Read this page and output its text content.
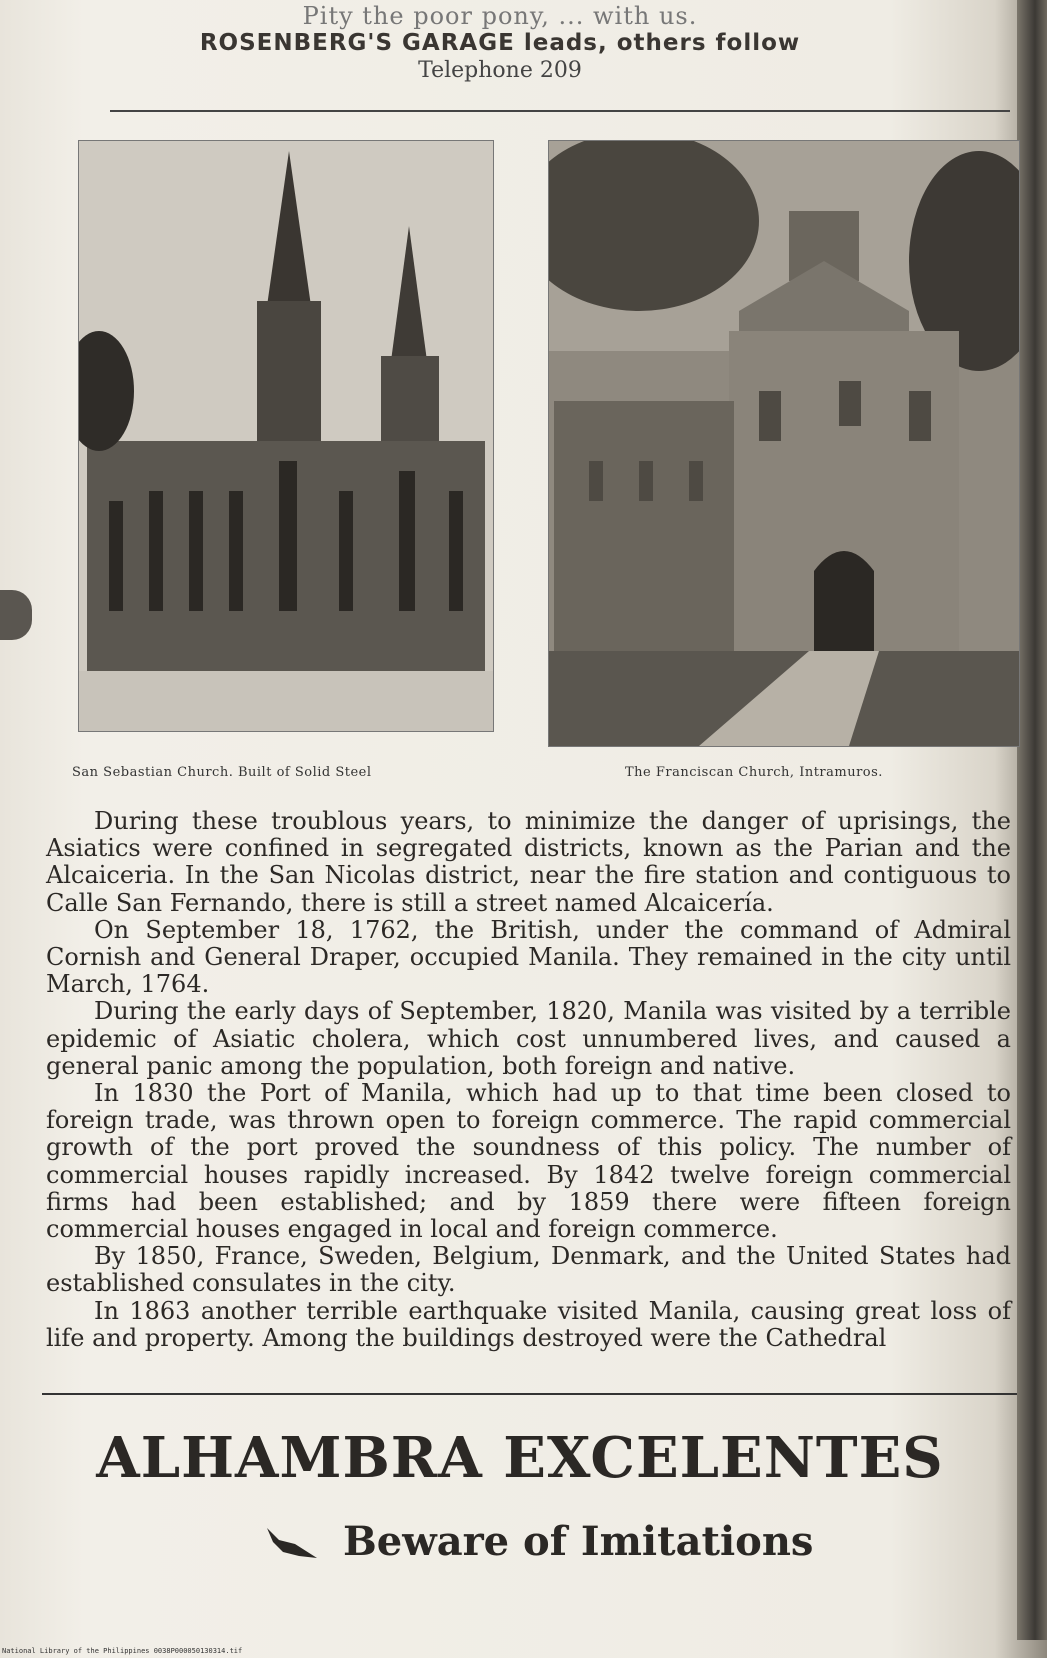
Pity the poor pony, ... with us.
ROSENBERG'S GARAGE leads, others follow
Telephone 209
San Sebastian Church. Built of Solid Steel	The Franciscan Church, Intramuros.

During these troublous years, to minimize the danger of uprisings, the Asiatics were confined in segregated districts, known as the Parian and the Alcaiceria. In the San Nicolas district, near the fire station and contiguous to Calle San Fernando, there is still a street named Alcaicería.

On September 18, 1762, the British, under the command of Admiral Cornish and General Draper, occupied Manila. They remained in the city until March, 1764.

During the early days of September, 1820, Manila was visited by a terrible epidemic of Asiatic cholera, which cost unnumbered lives, and caused a general panic among the population, both foreign and native.

In 1830 the Port of Manila, which had up to that time been closed to foreign trade, was thrown open to foreign commerce. The rapid commercial growth of the port proved the soundness of this policy. The number of commercial houses rapidly increased. By 1842 twelve foreign commercial firms had been established; and by 1859 there were fifteen foreign commercial houses engaged in local and foreign commerce.

By 1850, France, Sweden, Belgium, Denmark, and the United States had established consulates in the city.

In 1863 another terrible earthquake visited Manila, causing great loss of life and property. Among the buildings destroyed were the Cathedral

ALHAMBRA EXCELENTES
Beware of Imitations
National Library of the Philippines 0038P000050130314.tif
